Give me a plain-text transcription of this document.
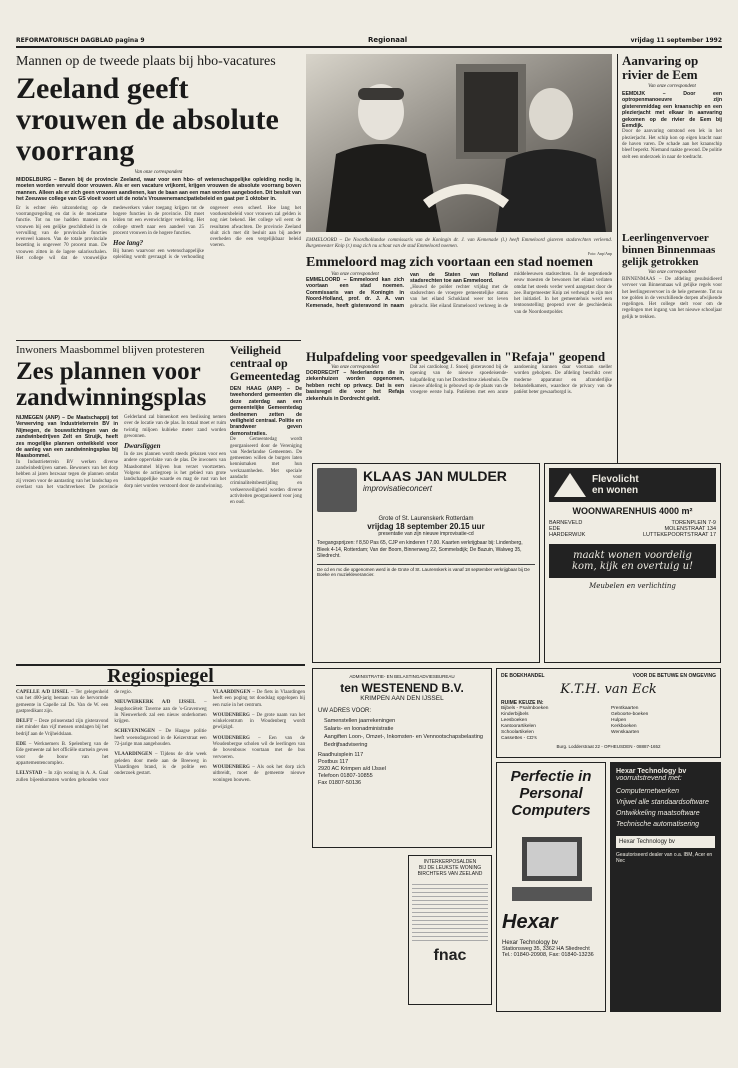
REFORMATORISCH DAGBLAD pagina 9	Regionaal	vrijdag 11 september 1992
Mannen op de tweede plaats bij hbo-vacatures
Zeeland geeft vrouwen de absolute voorrang
Van onze correspondent
MIDDELBURG – Banen bij de provincie Zeeland, waar voor een hbo- of wetenschappelijke opleiding nodig is, moeten worden vervuld door vrouwen. Als er een vacature vrijkomt, krijgen vrouwen de absolute voorrang boven mannen. Alleen als er zich geen vrouwen aandienen, kan de baan aan een man worden aangeboden. Dit besluit van het Zeeuwse college van GS vloeit voort uit de nota's Vrouwenemancipatiebeleid en gaat per 1 oktober in.
Er is echter één uitzondering op de voorrangsregeling en dat is de moeizame functie. Tot nu toe hadden mannen en vrouwen bij een gelijke geschiktheid in de vervulling van de provinciale functies evenveel kansen. Van de totale provinciale bezetting is ongeveer 70 procent man. De vrouwen zitten in de lagere salarisschalen. Het college wil dat de vrouwelijke medewerkers vaker toegang krijgen tot de hogere functies in de provincie. Dit moet leiden tot een evenwichtiger verdeling. Het college streeft naar een aandeel van 25 procent vrouwen in de hogere functies.
Hoe lang?
Bij banen waarvoor een wetenschappelijke opleiding wordt gevraagd is de verhouding ongeveer even scheef. Hoe lang het voorkeursbeleid voor vrouwen zal gelden is nog niet bekend. Het college wil eerst de resultaten afwachten. De provincie Zeeland sluit zich met dit besluit aan bij andere overheden die een vergelijkbaar beleid voeren.
EMMELOORD – De Noordhollandse commissaris van de Koningin dr. J. van Kemenade (l.) heeft Emmeloord gisteren stadsrechten verleend. Burgemeester Knip (r.) mag zich nu schout van de stad Emmeloord noemen.
Foto: Anp/Anp
Emmeloord mag zich voortaan een stad noemen
Van onze correspondent
EMMELOORD – Emmeloord kan zich voortaan een stad noemen. Commissaris van de Koningin in Noord-Holland, prof. dr. J. A. van Kemenade, heeft gisteravond in naam van de Staten van Holland stadsrechten toe aan Emmeloord.
„Houwd de polder rechter vrijdag met de stadsrechten de vroegere gemeentelijke status van het eiland Schokland weer tot leven gebracht. Het eiland Emmeloord verkreeg in de middeleeuwen stadsrechten. In de negentiende eeuw moesten de bewoners het eiland verlaten omdat het steeds verder werd aangetast door de zee. Burgemeester Knip zei verheugd te zijn met het initiatief. In het gemeentehuis werd een tentoonstelling geopend over de geschiedenis van de Noordoostpolder.
Aanvaring op rivier de Eem
Van onze correspondent
EEMDIJK – Door een optropenmanoeuvre zijn gisterenmiddag een kraanschip en een plezierjacht met elkaar in aanvaring gekomen op de rivier de Eem bij Eemdijk.
Door de aanvaring ontstond een lek in het plezierjacht. Het schip kon op eigen kracht naar de haven varen. De schade aan het kraanschip bleef beperkt. Niemand raakte gewond. De politie stelt een onderzoek in naar de toedracht.
Leerlingenvervoer binnen Binnenmaas gelijk getrokken
Van onze correspondent
BINNENMAAS – De afdeling gesubsidieerd vervoer van Binnenmaas wil gelijke regels voor het leerlingenvervoer in de hele gemeente. Tot nu toe golden in de verschillende dorpen afwijkende regelingen. Het college stelt voor om de regelingen met ingang van het nieuwe schooljaar gelijk te trekken.
Inwoners Maasbommel blijven protesteren
Zes plannen voor zandwinningsplas
NIJMEGEN (ANP) – De Maatschappij tot Verwerving van Industrieterrein BV in Nijmegen, de bouwstichtingen van de zandwinbedrijven Zelt en Struijk, heeft zes mogelijke plannen ontwikkeld voor de aanleg van een zandwinningsplas bij Maasbommel.
In Industrieterrein BV werken diverse zandwinbedrijven samen. Bewoners van het dorp hebben al jaren bezwaar tegen de plannen omdat zij vrezen voor de aantasting van het landschap en overlast van het vrachtverkeer. De provincie Gelderland zal binnenkort een beslissing nemen over de locatie van de plas. In totaal moet er ruim twintig miljoen kubieke meter zand worden gewonnen.
Dwarsliggen
In de zes plannen wordt steeds gekozen voor een andere oppervlakte van de plas. De inwoners van Maasbommel blijven hun verzet voortzetten. Volgens de actiegroep is het gebied van grote landschappelijke waarde en mag de rust van het dorp niet worden verstoord door de zandwinning.
Veiligheid centraal op Gemeentedag
DEN HAAG (ANP) – De tweehonderd gemeenten die deze zaterdag aan een gemeentelijke Gemeentedag deelnemen zetten de veiligheid centraal. Politie en brandweer geven demonstraties.
De Gemeentedag wordt georganiseerd door de Vereniging van Nederlandse Gemeenten. De gemeenten willen de burgers laten kennismaken met hun werkzaamheden. Met speciale aandacht voor criminaliteitsbestrijding en verkeersveiligheid worden diverse activiteiten georganiseerd voor jong en oud.
Hulpafdeling voor speedgevallen in "Refaja" geopend
Van onze correspondent
DORDRECHT – Nederlanders die in ziekenhuizen worden opgenomen, hebben recht op privacy. Dat is een basisregel die voor het Refaja ziekenhuis in Dordrecht geldt.
Dat zei cardioloog J. Snoeij gisteravond bij de opening van de nieuwe spoedeisende-hulpafdeling van het Dordrechtse ziekenhuis. De nieuwe afdeling is gebouwd op de plaats van de vroegere eerste hulp. Patiënten met een acute aandoening kunnen daar voortaan sneller worden geholpen. De afdeling beschikt over moderne apparatuur en afzonderlijke behandelkamers, waardoor de privacy van de patiënt beter gewaarborgd is.
KLAAS JAN MULDER
improvisatieconcert
Grote of St. Laurenskerk Rotterdam
vrijdag 18 september 20.15 uur
presentatie van zijn nieuwe improvisatie-cd
Toegangsprijzen: f 8,50 Pas 65, CJP en kinderen f 7,00. Kaarten verkrijgbaar bij: Lindenberg, Bleek 4-14, Rotterdam; Van der Boom, Binnenweg 22, Sommelsdijk; De Bazuin, Walweg 35, Sliedrecht.
De cd en mc die opgenomen werd in de Grote of St. Laurenskerk is vanaf 18 september verkrijgbaar bij De Boeke en muziekleverancier.
Flevolicht
en wonen
WOONWARENHUIS 4000 m²
BARNEVELD	TORENPLEIN 7-9
EDE	MOLENSTRAAT 134
HARDERWIJK	LUTTEKEPOORTSTRAAT 17
maakt wonen voordelig
kom, kijk en overtuig u!
Meubelen en verlichting
Regiospiegel
CAPELLE A/D IJSSEL – Ter gelegenheid van het 400-jarig bestaan van de hervormde gemeente in Capelle zal Ds. Van de W. een gastpredikant zijn.
DELFT – Deze prinsenstad zijn gisteravond niet minder dan vijf mensen ontslagen bij het bedrijf aan de Vrijheidslaan.
EDE – Werknemers B. Spelenberg van de Ede gemeente zal het officiële startsein geven voor de bouw van het appartementencomplex.
LELYSTAD – In zijn woning in A. A. Gaal zullen bijeenkomsten worden gehouden voor de regio.
NIEUWERKERK A/D IJSSEL – Jeugdsociëteit Taverne aan de 's-Gravenweg in Nieuwerkerk zal een nieuw onderkomen krijgen.
SCHEVENINGEN – De Haagse politie heeft woensdagavond in de Keizerstraat een 72-jarige man aangehouden.
VLAARDINGEN – Tijdens de drie week geleden door mede aan de Breeweg in Vlaardingen brand, is de politie een onderzoek gestart.
VLAARDINGEN – De fiets in Vlaardingen heeft een poging tot doodslag opgelopen bij een ruzie in het centrum.
WOUDENBERG – De grote naam van het winkelcentrum in Woudenberg wordt gewijzigd.
WOUDENBERG – Een van de Woudenbergse scholen wil de leerlingen van de bovenbouw voortaan met de bus vervoeren.
WOUDENBERG – Als ook het dorp zich uitbreidt, moet de gemeente nieuwe woningen bouwen.
ADMINISTRATIE- EN BELASTINGADVIESBUREAU
ten WESTENEND B.V.
KRIMPEN AAN DEN IJSSEL
UW ADRES VOOR:
Samenstellen jaarrekeningen
Salaris- en loonadministratie
Aangiften Loon-, Omzet-, Inkomsten- en Vennootschapsbelasting
Bedrijfsadvisering
Raadhuisplein 117
Postbus 117
2920 AC Krimpen a/d IJssel
Telefoon 01807-10855
Fax 01807-50136
DE BOEKHANDEL	VOOR DE BETUWE EN OMGEVING
K.T.H. van Eck
RUIME KEUZE IN:
Bijbels - Psalmboeken
Kinderbijbels
Leesboeken
Kantoorartikelen
Schoolartikelen
Cassettes - CD's
Prentkaarten
Geboorte-boeken
Hulpen
Kerkboeken
Wenskaarten
Burg. Lodderstraat 22 - OPHEUSDEN - 08887-1652
INTERKERPOSALDEN
BIJ DE LEUKSTE WONING
BIRCHTERS VAN ZEELAND
fnac
Perfectie in Personal Computers
Hexar
Hexar Technology bv
Stationsweg 35, 3362 HA Sliedrecht
Tel.: 01840-20908, Fax: 01840-13236
Hexar Technology bv
voorruitstrevend met:
Computernetwerken
Vrijwel alle standaardsoftware
Ontwikkeling maatsoftware
Technische automatisering
Hexar Technology bv
Geautoriseerd dealer van o.a. IBM, Acer en Nec
